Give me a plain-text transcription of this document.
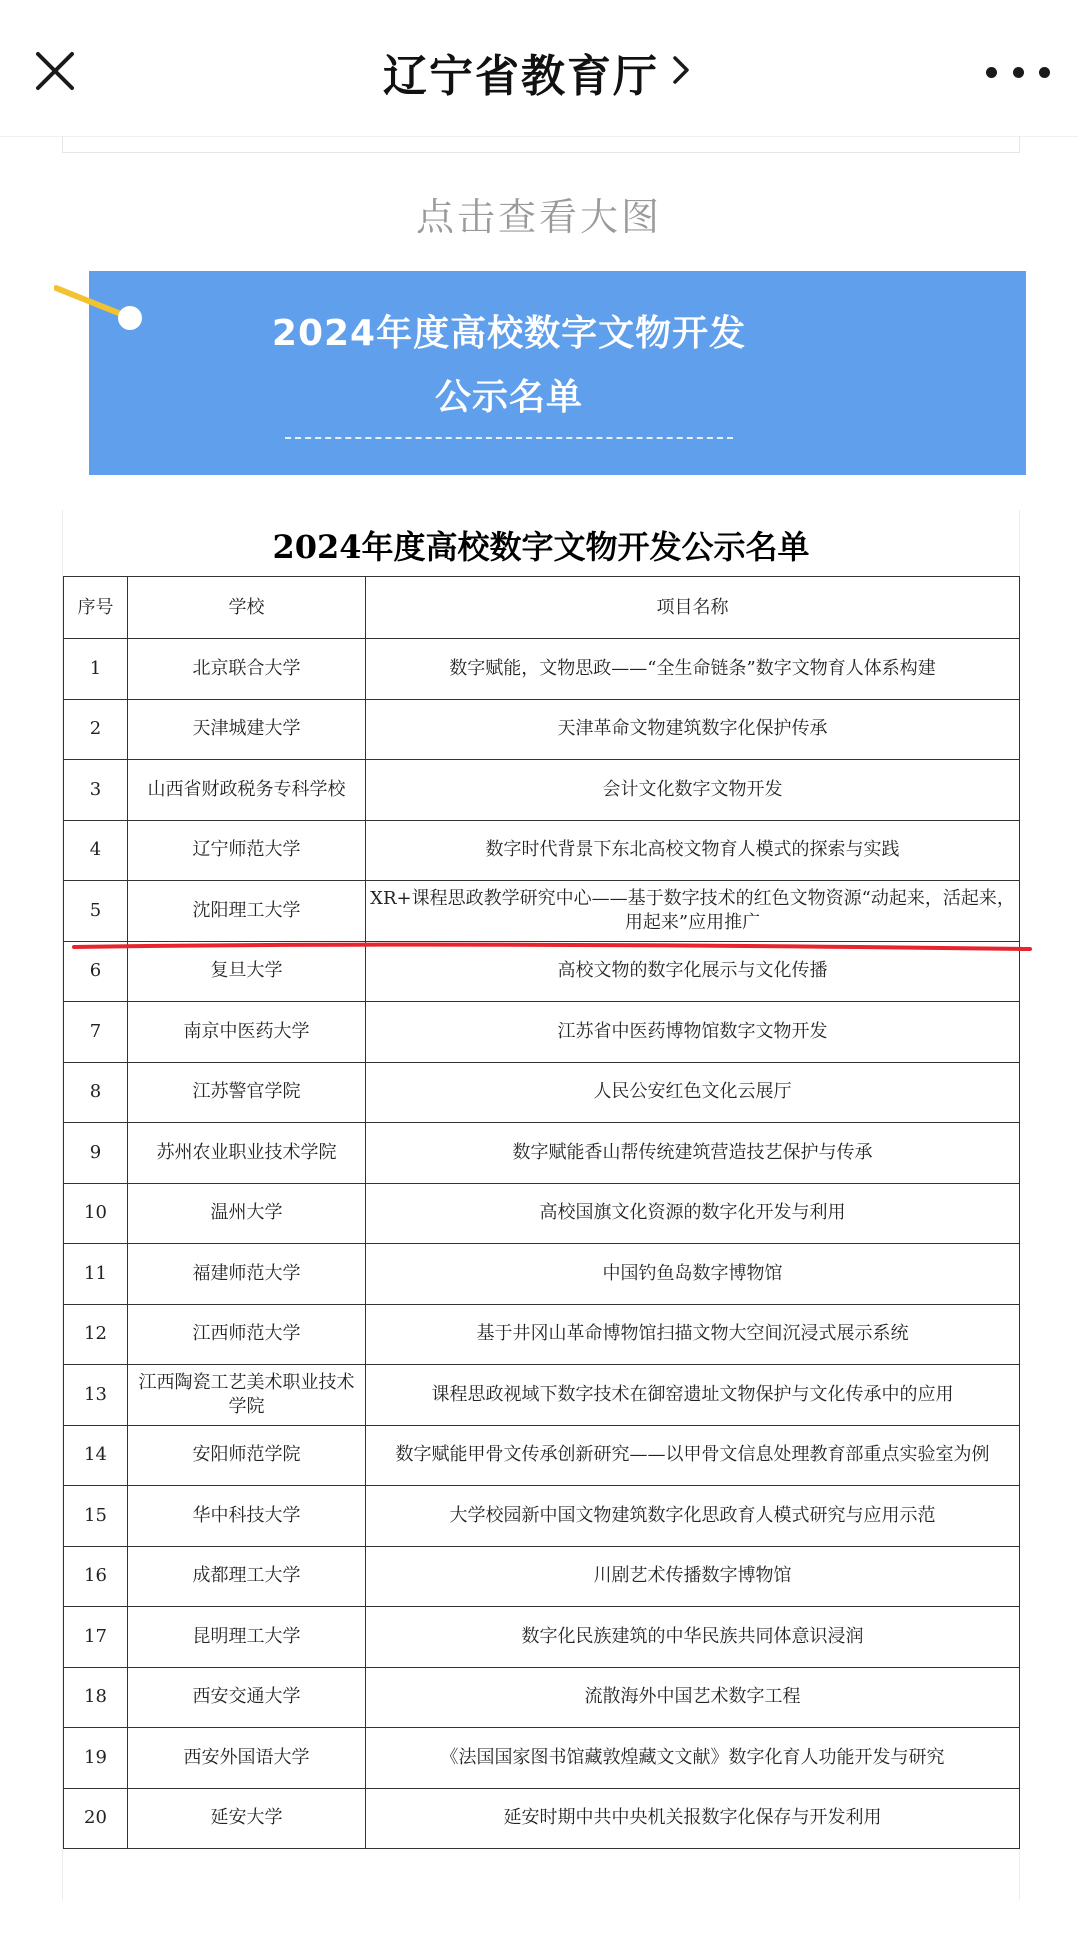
辽宁省教育厅
点击查看大图
2024年度高校数字文物开发
公示名单
2024年度高校数字文物开发公示名单
序号	学校	项目名称
1	北京联合大学	数字赋能，文物思政——“全生命链条”数字文物育人体系构建
2	天津城建大学	天津革命文物建筑数字化保护传承
3	山西省财政税务专科学校	会计文化数字文物开发
4	辽宁师范大学	数字时代背景下东北高校文物育人模式的探索与实践
5	沈阳理工大学	XR+课程思政教学研究中心——基于数字技术的红色文物资源“动起来，活起来，用起来”应用推广
6	复旦大学	高校文物的数字化展示与文化传播
7	南京中医药大学	江苏省中医药博物馆数字文物开发
8	江苏警官学院	人民公安红色文化云展厅
9	苏州农业职业技术学院	数字赋能香山帮传统建筑营造技艺保护与传承
10	温州大学	高校国旗文化资源的数字化开发与利用
11	福建师范大学	中国钓鱼岛数字博物馆
12	江西师范大学	基于井冈山革命博物馆扫描文物大空间沉浸式展示系统
13	江西陶瓷工艺美术职业技术学院	课程思政视域下数字技术在御窑遗址文物保护与文化传承中的应用
14	安阳师范学院	数字赋能甲骨文传承创新研究——以甲骨文信息处理教育部重点实验室为例
15	华中科技大学	大学校园新中国文物建筑数字化思政育人模式研究与应用示范
16	成都理工大学	川剧艺术传播数字博物馆
17	昆明理工大学	数字化民族建筑的中华民族共同体意识浸润
18	西安交通大学	流散海外中国艺术数字工程
19	西安外国语大学	《法国国家图书馆藏敦煌藏文文献》数字化育人功能开发与研究
20	延安大学	延安时期中共中央机关报数字化保存与开发利用
